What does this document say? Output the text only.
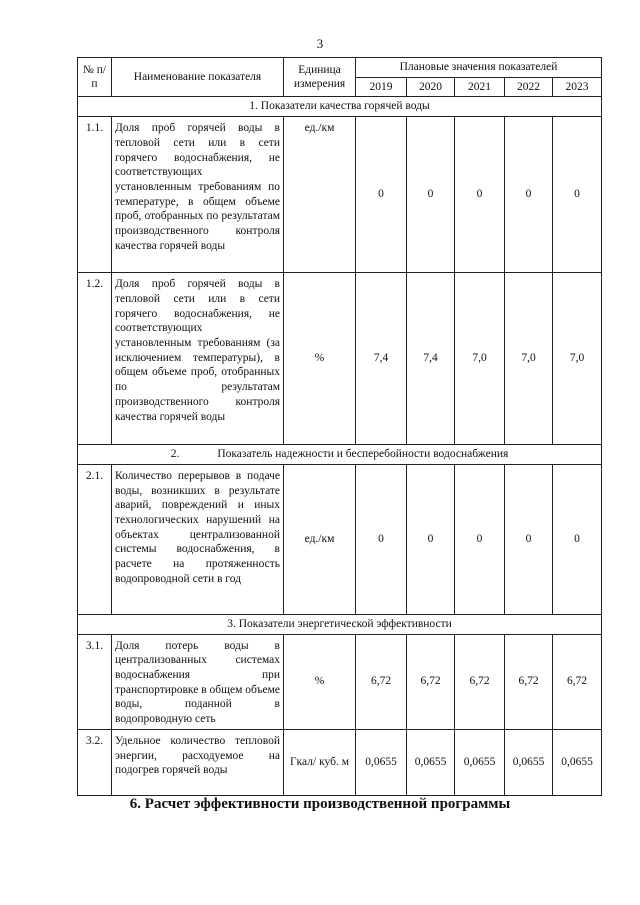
3
№ п/п	Наименование показателя	Единица измерения	Плановые значения показателей				
			2019	2020	2021	2022	2023
1. Показатели качества горячей воды							
1.1.	Доля проб горячей воды в тепловой сети или в сети горячего водоснабжения, не соответствующих установленным требованиям по температуре, в общем объеме проб, отобранных по результатам производственного контроля качества горячей воды	ед./км	0	0	0	0	0
1.2.	Доля проб горячей воды в тепловой сети или в сети горячего водоснабжения, не соответствующих установленным требованиям (за исключением температуры), в общем объеме проб, отобранных по результатам производственного контроля качества горячей воды	%	7,4	7,4	7,0	7,0	7,0
2. Показатель надежности и бесперебойности водоснабжения							
2.1.	Количество перерывов в подаче воды, возникших в результате аварий, повреждений и иных технологических нарушений на объектах централизованной системы водоснабжения, в расчете на протяженность водопроводной сети в год	ед./км	0	0	0	0	0
3. Показатели энергетической эффективности							
3.1.	Доля потерь воды в централизованных системах водоснабжения при транспортировке в общем объеме воды, поданной в водопроводную сеть	%	6,72	6,72	6,72	6,72	6,72
3.2.	Удельное количество тепловой энергии, расходуемое на подогрев горячей воды	Гкал/ куб. м	0,0655	0,0655	0,0655	0,0655	0,0655
6. Расчет эффективности производственной программы
